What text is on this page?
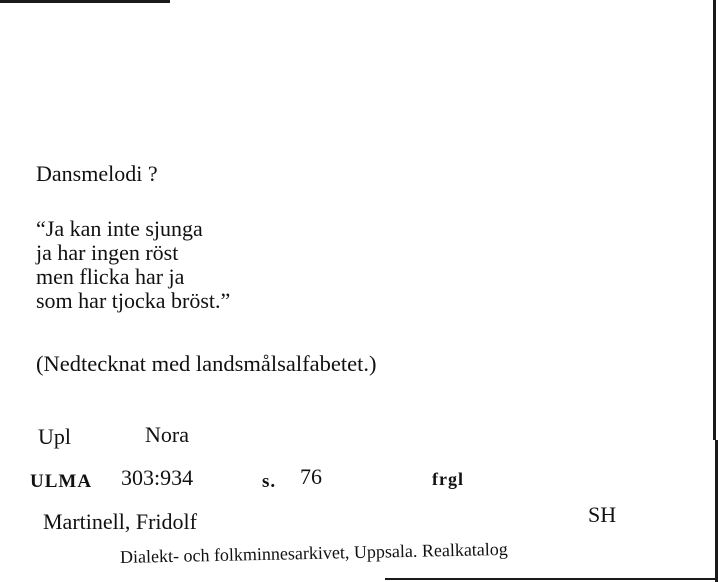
Dansmelodi ?
“Ja kan inte sjunga
ja har ingen röst
men flicka har ja
som har tjocka bröst.”
(Nedtecknat med landsmålsalfabetet.)
Upl	Nora
ULMA 303:934	s. 76	frgl
Martinell, Fridolf	SH
Dialekt- och folkminnesarkivet, Uppsala. Realkatalog
